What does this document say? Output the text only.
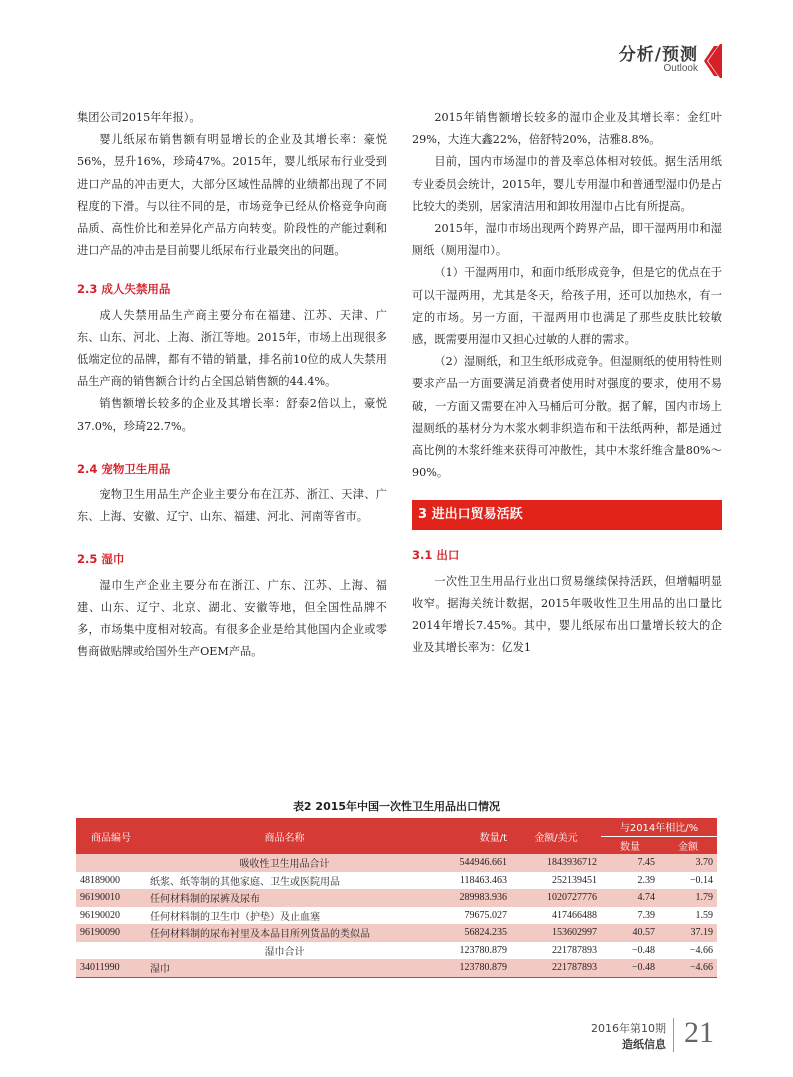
分析/预测
Outlook

集团公司2015年年报）。

婴儿纸尿布销售额有明显增长的企业及其增长率：豪悦56%，昱升16%，珍琦47%。2015年，婴儿纸尿布行业受到进口产品的冲击更大，大部分区域性品牌的业绩都出现了不同程度的下滑。与以往不同的是，市场竞争已经从价格竞争向商品质、高性价比和差异化产品方向转变。阶段性的产能过剩和进口产品的冲击是目前婴儿纸尿布行业最突出的问题。

2.3 成人失禁用品

成人失禁用品生产商主要分布在福建、江苏、天津、广东、山东、河北、上海、浙江等地。2015年，市场上出现很多低端定位的品牌，都有不错的销量，排名前10位的成人失禁用品生产商的销售额合计约占全国总销售额的44.4%。

销售额增长较多的企业及其增长率：舒泰2倍以上，豪悦37.0%，珍琦22.7%。

2.4 宠物卫生用品

宠物卫生用品生产企业主要分布在江苏、浙江、天津、广东、上海、安徽、辽宁、山东、福建、河北、河南等省市。

2.5 湿巾

湿巾生产企业主要分布在浙江、广东、江苏、上海、福建、山东、辽宁、北京、湖北、安徽等地，但全国性品牌不多，市场集中度相对较高。有很多企业是给其他国内企业或零售商做贴牌或给国外生产OEM产品。

2015年销售额增长较多的湿巾企业及其增长率：金红叶29%，大连大鑫22%，倍舒特20%，洁雅8.8%。

目前，国内市场湿巾的普及率总体相对较低。据生活用纸专业委员会统计，2015年，婴儿专用湿巾和普通型湿巾仍是占比较大的类别，居家清洁用和卸妆用湿巾占比有所提高。

2015年，湿巾市场出现两个跨界产品，即干湿两用巾和湿厕纸（厕用湿巾）。

（1）干湿两用巾，和面巾纸形成竞争，但是它的优点在于可以干湿两用，尤其是冬天，给孩子用，还可以加热水，有一定的市场。另一方面，干湿两用巾也满足了那些皮肤比较敏感，既需要用湿巾又担心过敏的人群的需求。

（2）湿厕纸，和卫生纸形成竞争。但湿厕纸的使用特性则要求产品一方面要满足消费者使用时对强度的要求，使用不易破，一方面又需要在冲入马桶后可分散。据了解，国内市场上湿厕纸的基材分为木浆水刺非织造布和干法纸两种，都是通过高比例的木浆纤维来获得可冲散性，其中木浆纤维含量80%～90%。

3 进出口贸易活跃
3.1 出口

一次性卫生用品行业出口贸易继续保持活跃，但增幅明显收窄。据海关统计数据，2015年吸收性卫生用品的出口量比2014年增长7.45%。其中，婴儿纸尿布出口量增长较大的企业及其增长率为：亿发1

表2 2015年中国一次性卫生用品出口情况
商品编号	商品名称	数量/t	金额/美元	与2014年相比/%	
				数量	金额
	吸收性卫生用品合计	544946.661	1843936712	7.45	3.70
48189000	纸浆、纸等制的其他家庭、卫生或医院用品	118463.463	252139451	2.39	−0.14
96190010	任何材料制的尿裤及尿布	289983.936	1020727776	4.74	1.79
96190020	任何材料制的卫生巾（护垫）及止血塞	79675.027	417466488	7.39	1.59
96190090	任何材料制的尿布衬里及本品目所列货品的类似品	56824.235	153602997	40.57	37.19
	湿巾合计	123780.879	221787893	−0.48	−4.66
34011990	湿巾	123780.879	221787893	−0.48	−4.66
2016年第10期
造纸信息 21
